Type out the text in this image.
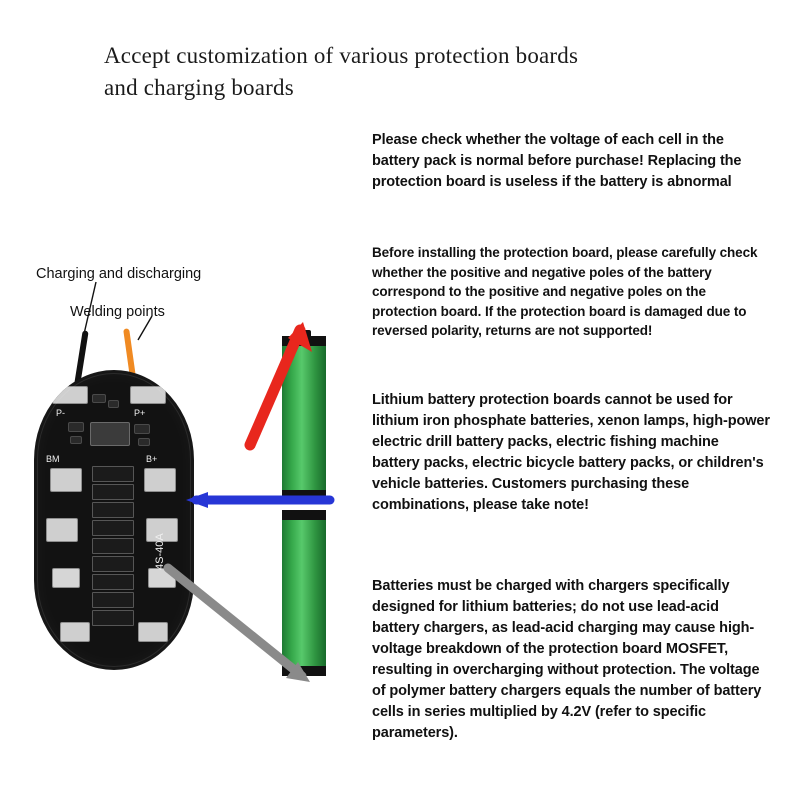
Accept customization of various protection boards
and charging boards
Please check whether the voltage of each cell in the battery pack is normal before purchase! Replacing the protection board is useless if the battery is abnormal
Before installing the protection board, please carefully check whether the positive and negative poles of the battery correspond to the positive and negative poles on the protection board. If the protection board is damaged due to reversed polarity, returns are not supported!
Lithium battery protection boards cannot be used for lithium iron phosphate batteries, xenon lamps, high-power electric drill battery packs, electric fishing machine battery packs, electric bicycle battery packs, or children's vehicle batteries. Customers purchasing these combinations, please take note!
Batteries must be charged with chargers specifically designed for lithium batteries; do not use lead-acid battery chargers, as lead-acid charging may cause high-voltage breakdown of the protection board MOSFET, resulting in overcharging without protection. The voltage of polymer battery chargers equals the number of battery cells in series multiplied by 4.2V (refer to specific parameters).
Charging and discharging
Welding points
P-	P+
BM	B+
4S-40A
